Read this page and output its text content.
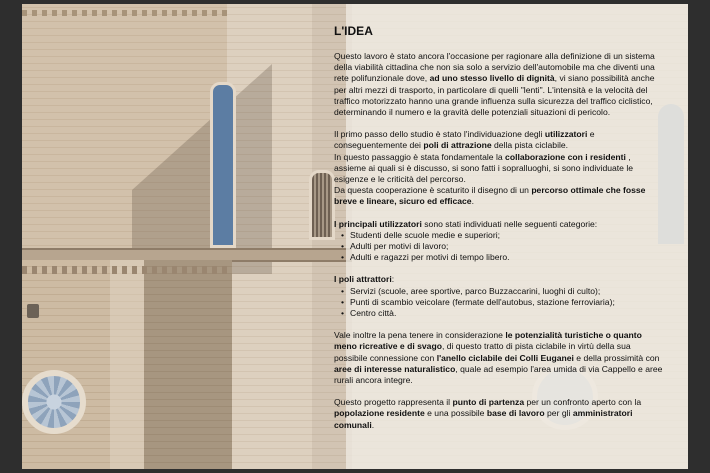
L'IDEA

Questo lavoro è stato ancora l'occasione per ragionare alla definizione di un sistema della viabilità cittadina che non sia solo a servizio dell'automobile ma che diventi una rete polifunzionale dove, ad uno stesso livello di dignità, vi siano possibilità anche per altri mezzi di trasporto, in particolare di quelli "lenti". L'intensità e la velocità del traffico motorizzato hanno una grande influenza sulla sicurezza del traffico ciclistico, determinando il numero e la gravità delle potenziali situazioni di pericolo.

Il primo passo dello studio è stato l'individuazione degli utilizzatori e conseguentemente dei poli di attrazione della pista ciclabile.
In questo passaggio è stata fondamentale la collaborazione con i residenti , assieme ai quali si è discusso, si sono fatti i sopralluoghi, si sono individuate le esigenze e le criticità del percorso.
Da questa cooperazione è scaturito il disegno di un percorso ottimale che fosse breve e lineare, sicuro ed efficace.

I principali utilizzatori sono stati individuati nelle seguenti categorie:

• Studenti delle scuole medie e superiori;
• Adulti per motivi di lavoro;
• Adulti e ragazzi per motivi di tempo libero.

I poli attrattori:

• Servizi (scuole, aree sportive, parco Buzzaccarini, luoghi di culto);
• Punti di scambio veicolare (fermate dell'autobus, stazione ferroviaria);
• Centro città.

Vale inoltre la pena tenere in considerazione le potenzialità turistiche o quanto meno ricreative e di svago, di questo tratto di pista ciclabile in virtù della sua possibile connessione con l'anello ciclabile dei Colli Euganei e della prossimità con aree di interesse naturalistico, quale ad esempio l'area umida di via Cappello e aree rurali ancora integre.

Questo progetto rappresenta il punto di partenza per un confronto aperto con la popolazione residente e una possibile base di lavoro per gli amministratori comunali.
